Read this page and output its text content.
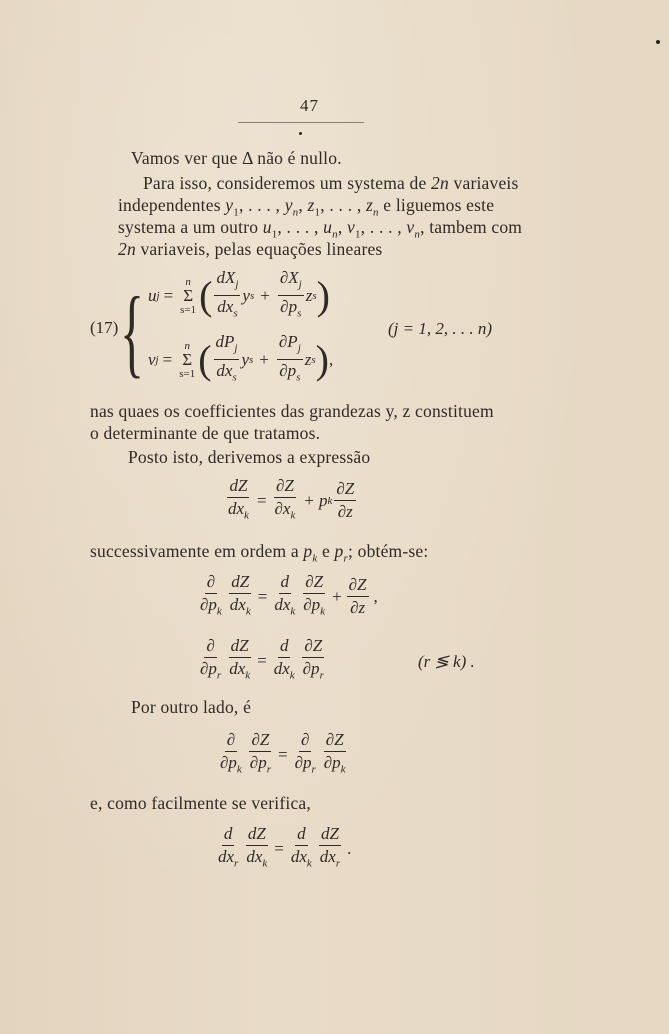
47
Vamos ver que Δ não é nullo.
Para isso, consideremos um systema de 2n variaveis
independentes $y_1$, . . . , $y_n$, $z_1$, . . . , $z_n$ e liguemos este
systema a um outro $u_1$, . . . , $u_n$, $v_1$, . . . , $v_n$, tambem com
2n variaveis, pelas equações lineares
(17) { u j =
n
Σ
s=1 ( $\frac{dX_j}{dx_s}$ y $s + \frac{\partial X_j}{\partial p_s}$ z s )
v j =
n
Σ
s=1 ( $\frac{dP_j}{dx_s}$ y $s + \frac{\partial P_j}{\partial p_s}$ z s ) ,
(j = 1, 2, . . . n)
nas quaes os coefficientes das grandezas y, z constituem
o determinante de que tratamos.
Posto isto, derivemos a expressão
$\frac{dZ}{dx_k} = \frac{\partial Z}{\partial x_k} + p$ k $\frac{\partial Z}{\partial z}$
successivamente em ordem a $p_k$ e $p_r$; obtém-se:
$\frac{\partial}{\partial p_k} \frac{dZ}{dx_k} = \frac{d}{dx_k} \frac{\partial Z}{\partial p_k} + \frac{\partial Z}{\partial z}$ ,
$\frac{\partial}{\partial p_r} \frac{dZ}{dx_k} = \frac{d}{dx_k} \frac{\partial Z}{\partial p_r}$	(r ≶ k) .
Por outro lado, é
$\frac{\partial}{\partial p_k} \frac{\partial Z}{\partial p_r} = \frac{\partial}{\partial p_r} \frac{\partial Z}{\partial p_k}$
e, como facilmente se verifica,
$\frac{d}{dx_r} \frac{dZ}{dx_k} = \frac{d}{dx_k} \frac{dZ}{dx_r}$ .
